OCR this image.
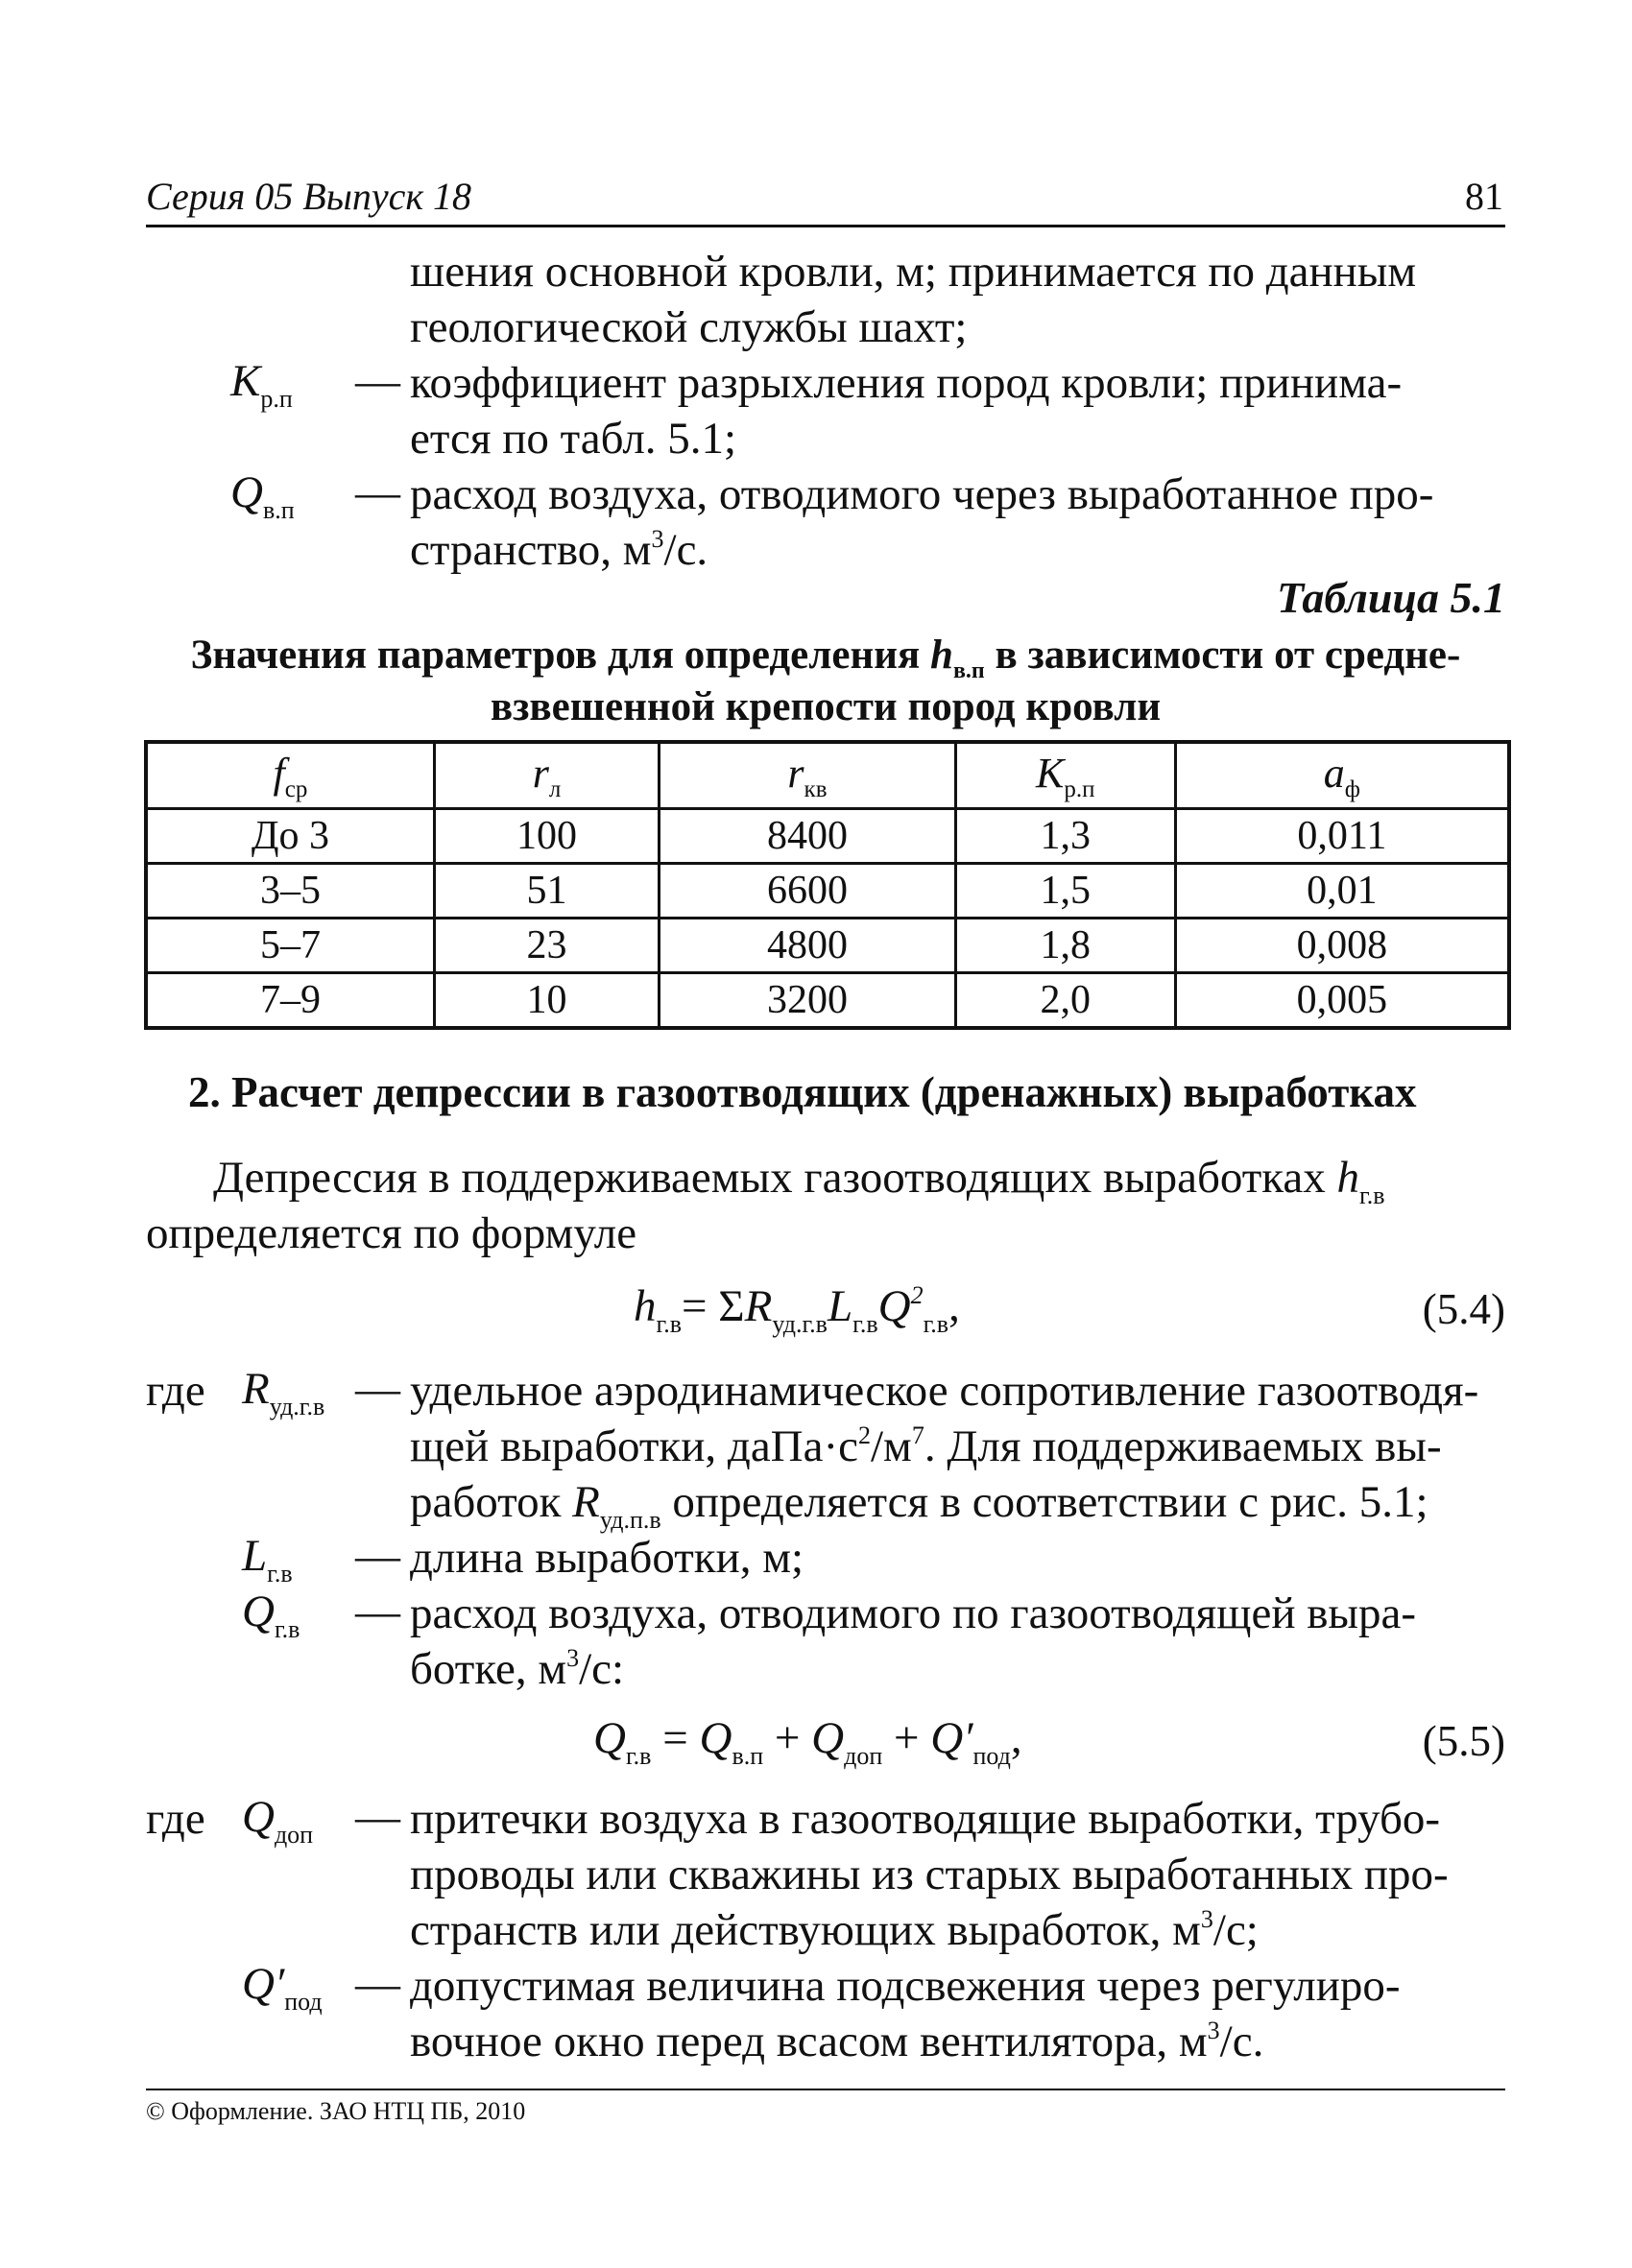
Серия 05 Выпуск 18	81
шения основной кровли, м; принимается по данным
геологической службы шахт;
$K_{р.п}$ — коэффициент разрыхления пород кровли; принима-
ется по табл. 5.1;
$Q_{в.п}$ — расход воздуха, отводимого через выработанное про-
странство, $м^3/с$.
Таблица 5.1
Значения параметров для определения $h_{в.п}$ в зависимости от средне-
взвешенной крепости пород кровли
$f_{ср}$	$r_л$	$r_{кв}$	$K_{р.п}$	$a_ф$
До 3	100	8400	1,3	0,011
3–5	51	6600	1,5	0,01
5–7	23	4800	1,8	0,008
7–9	10	3200	2,0	0,005
2. Расчет депрессии в газоотводящих (дренажных) выработках
Депрессия в поддерживаемых газоотводящих выработках $h_{г.в}$
определяется по формуле
$h_{г.в}= \Sigma R_{уд.г.в}L_{г.в}Q^2_{г.в}$,	(5.4)
где $R_{уд.г.в}$ — удельное аэродинамическое сопротивление газоотводя-
щей выработки, $даПа\cdot с^2/м^7$. Для поддерживаемых вы-
работок $R_{уд.п.в}$ определяется в соответствии с рис. 5.1;
$L_{г.в}$ — длина выработки, м;
$Q_{г.в}$ — расход воздуха, отводимого по газоотводящей выра-
ботке, $м^3/с$:
$Q_{г.в} = Q_{в.п} + Q_{доп} + Q'_{под}$,	(5.5)
где $Q_{доп}$ — притечки воздуха в газоотводящие выработки, трубо-
проводы или скважины из старых выработанных про-
странств или действующих выработок, $м^3/с$;
$Q'_{под}$ — допустимая величина подсвежения через регулиро-
вочное окно перед всасом вентилятора, $м^3/с$.
© Оформление. ЗАО НТЦ ПБ, 2010
